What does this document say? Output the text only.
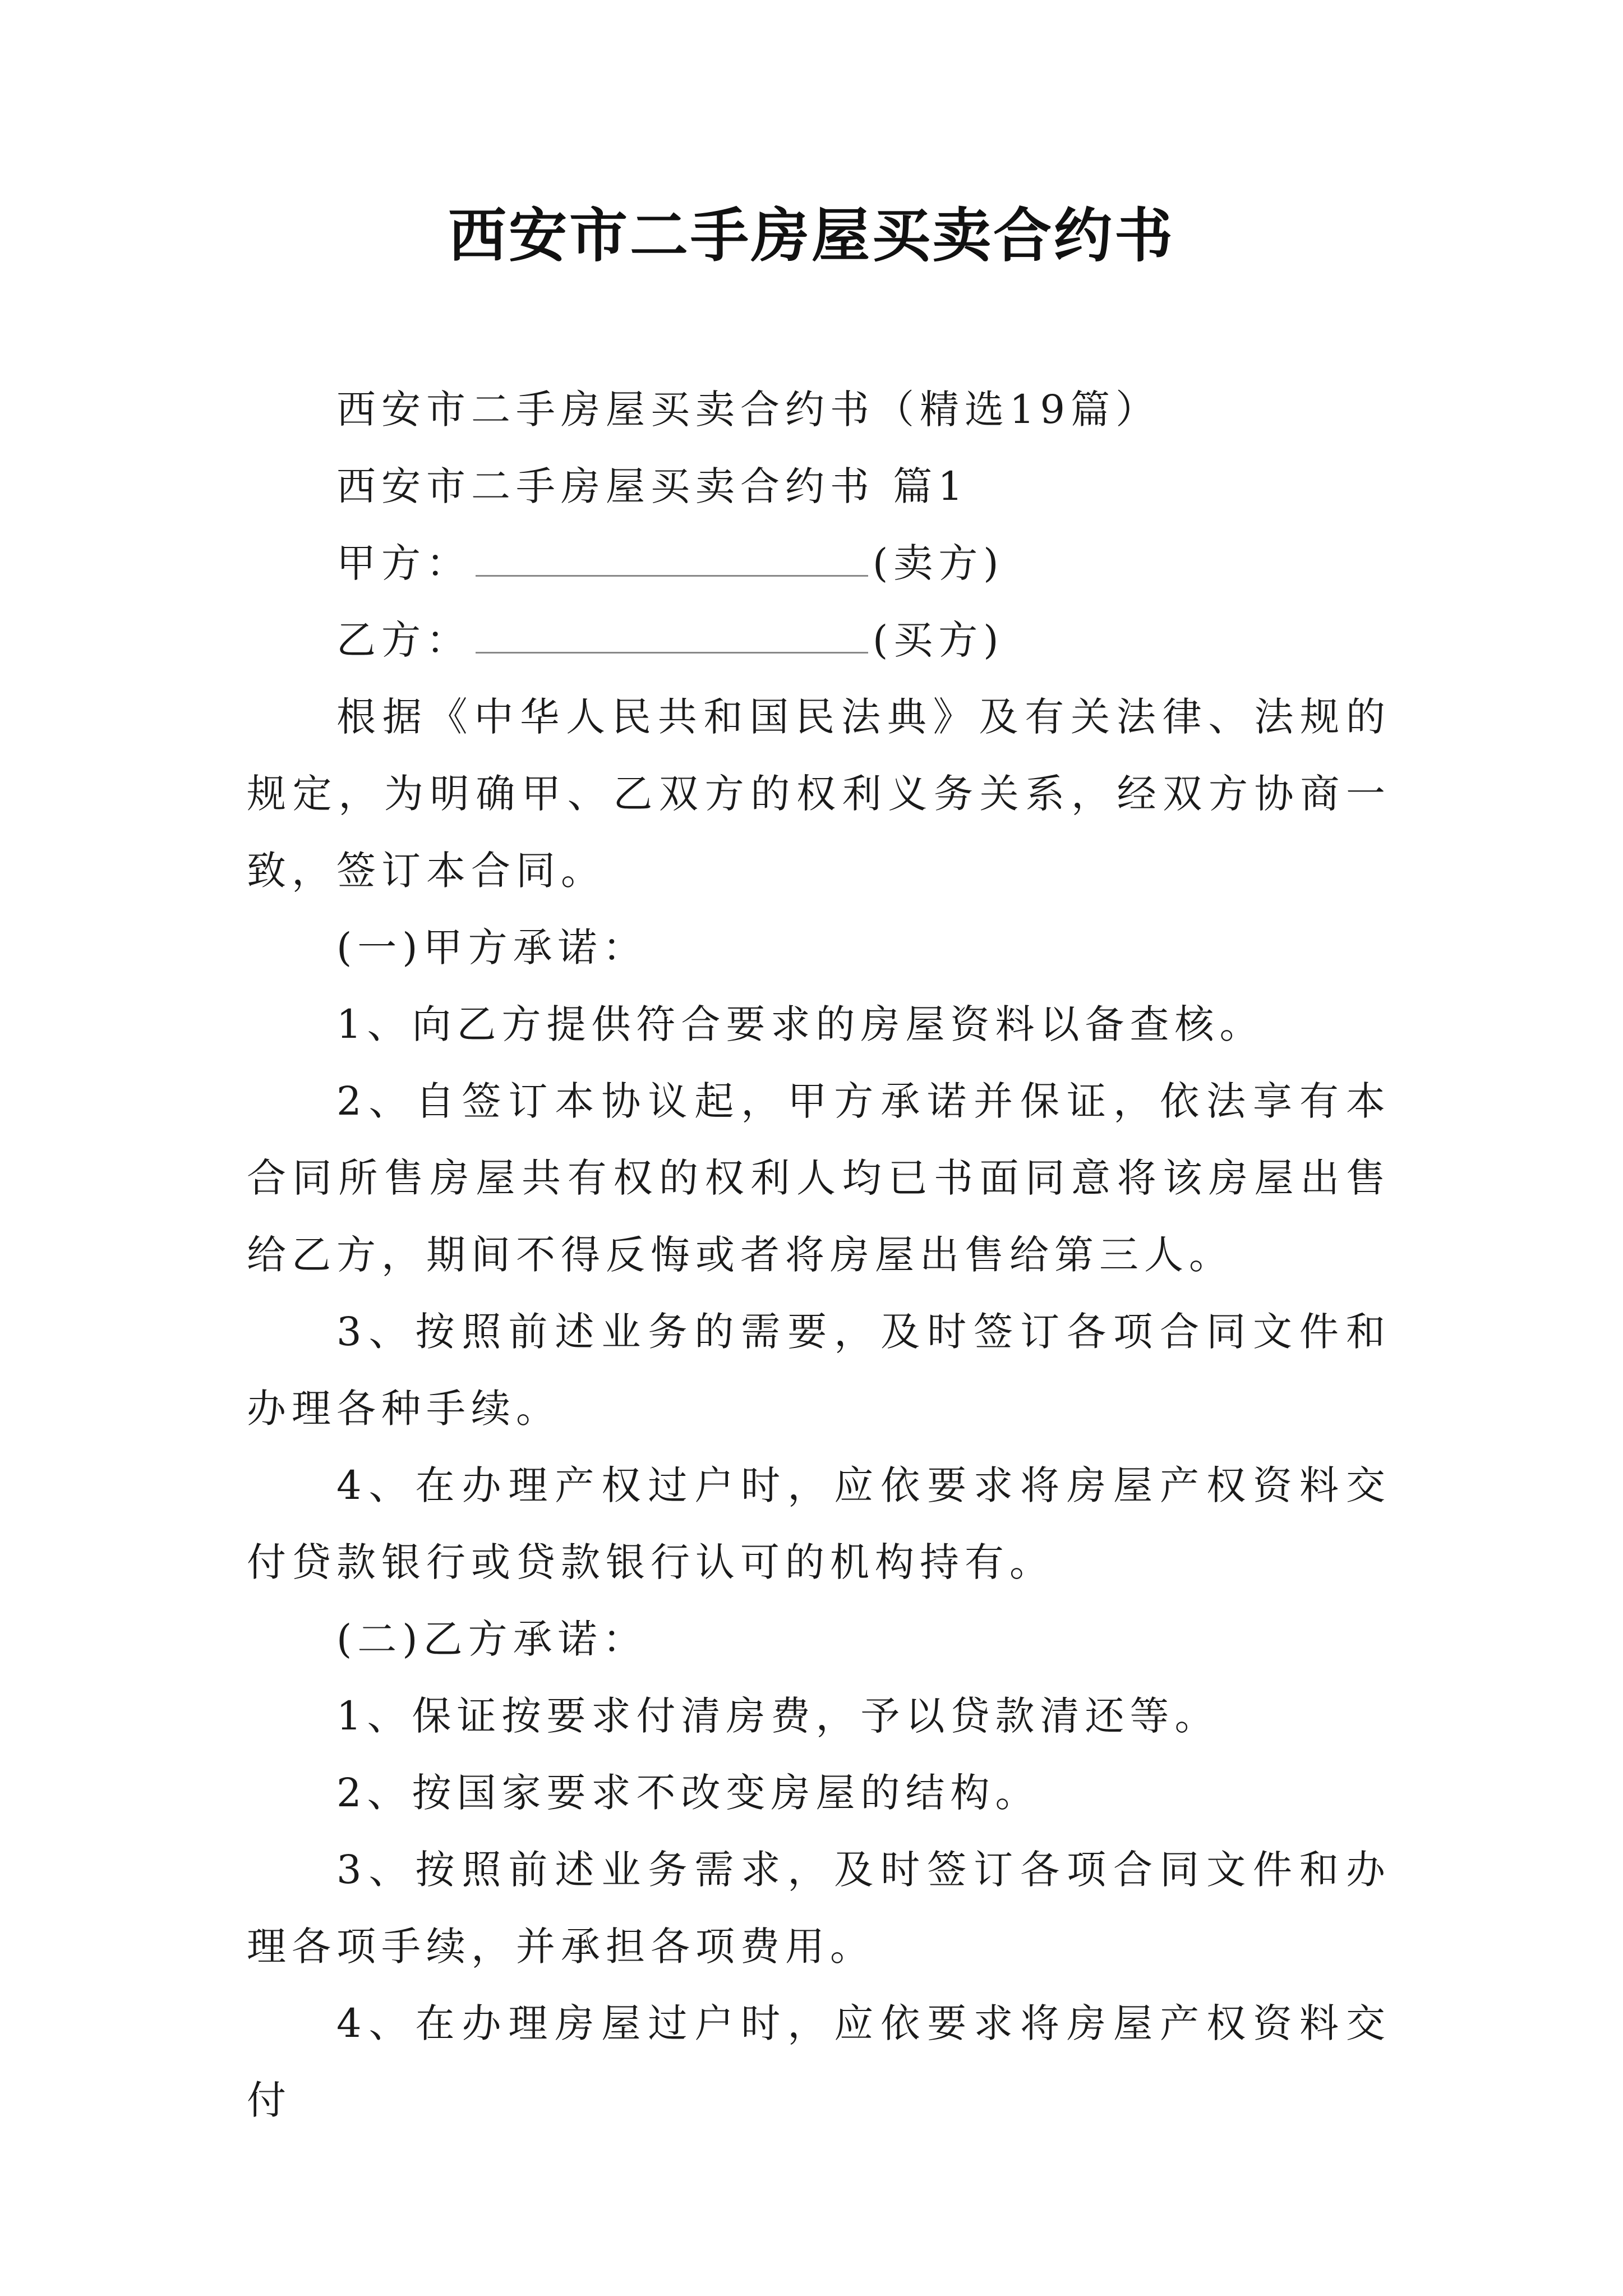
西安市二手房屋买卖合约书

西安市二手房屋买卖合约书（精选19篇）

西安市二手房屋买卖合约书 篇1

甲方：	(卖方)

乙方：	(买方)

根据《中华人民共和国民法典》及有关法律、法规的规定，为明确甲、乙双方的权利义务关系，经双方协商一致，签订本合同。

(一)甲方承诺：

1、向乙方提供符合要求的房屋资料以备查核。

2、自签订本协议起，甲方承诺并保证，依法享有本合同所售房屋共有权的权利人均已书面同意将该房屋出售给乙方，期间不得反悔或者将房屋出售给第三人。

3、按照前述业务的需要，及时签订各项合同文件和办理各种手续。

4、在办理产权过户时，应依要求将房屋产权资料交付贷款银行或贷款银行认可的机构持有。

(二)乙方承诺：

1、保证按要求付清房费，予以贷款清还等。

2、按国家要求不改变房屋的结构。

3、按照前述业务需求，及时签订各项合同文件和办理各项手续，并承担各项费用。

4、在办理房屋过户时，应依要求将房屋产权资料交付
